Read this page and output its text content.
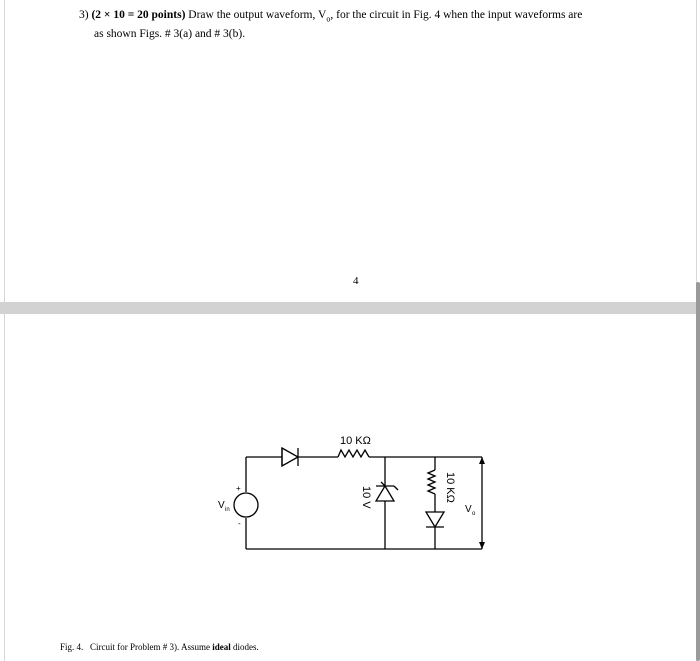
3) (2 × 10 = 20 points) Draw the output waveform, $V_o$, for the circuit in Fig. 4 when the input waveforms are
as shown Figs. # 3(a) and # 3(b).
4
10 KΩ
10 V	10 KΩ
V in
+
-
V o
Fig. 4. Circuit for Problem # 3). Assume ideal diodes.
